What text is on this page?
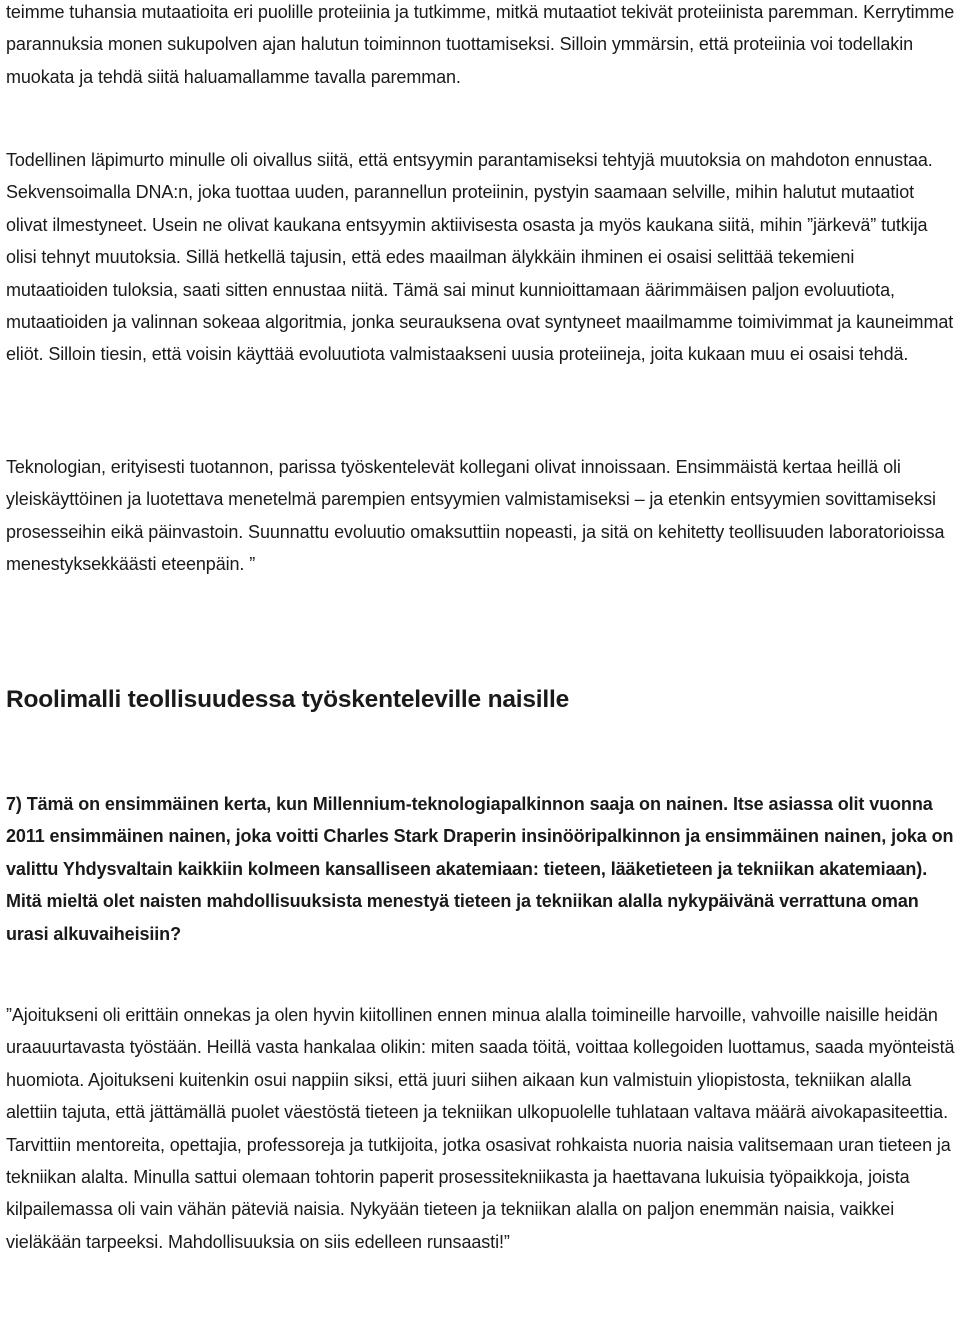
teimme tuhansia mutaatioita eri puolille proteiinia ja tutkimme, mitkä mutaatiot tekivät proteiinista paremman. Kerrytimme parannuksia monen sukupolven ajan halutun toiminnon tuottamiseksi. Silloin ymmärsin, että proteiinia voi todellakin muokata ja tehdä siitä haluamallamme tavalla paremman.

Todellinen läpimurto minulle oli oivallus siitä, että entsyymin parantamiseksi tehtyjä muutoksia on mahdoton ennustaa. Sekvensoimalla DNA:n, joka tuottaa uuden, parannellun proteiinin, pystyin saamaan selville, mihin halutut mutaatiot olivat ilmestyneet. Usein ne olivat kaukana entsyymin aktiivisesta osasta ja myös kaukana siitä, mihin ”järkevä” tutkija olisi tehnyt muutoksia. Sillä hetkellä tajusin, että edes maailman älykkäin ihminen ei osaisi selittää tekemieni mutaatioiden tuloksia, saati sitten ennustaa niitä. Tämä sai minut kunnioittamaan äärimmäisen paljon evoluutiota, mutaatioiden ja valinnan sokeaa algoritmia, jonka seurauksena ovat syntyneet maailmamme toimivimmat ja kauneimmat eliöt. Silloin tiesin, että voisin käyttää evoluutiota valmistaakseni uusia proteiineja, joita kukaan muu ei osaisi tehdä.

Teknologian, erityisesti tuotannon, parissa työskentelevät kollegani olivat innoissaan. Ensimmäistä kertaa heillä oli yleiskäyttöinen ja luotettava menetelmä parempien entsyymien valmistamiseksi – ja etenkin entsyymien sovittamiseksi prosesseihin eikä päinvastoin. Suunnattu evoluutio omaksuttiin nopeasti, ja sitä on kehitetty teollisuuden laboratorioissa menestyksekkäästi eteenpäin. ”

Roolimalli teollisuudessa työskenteleville naisille

7) Tämä on ensimmäinen kerta, kun Millennium-teknologiapalkinnon saaja on nainen. Itse asiassa olit vuonna 2011 ensimmäinen nainen, joka voitti Charles Stark Draperin insinööripalkinnon ja ensimmäinen nainen, joka on valittu Yhdysvaltain kaikkiin kolmeen kansalliseen akatemiaan: tieteen, lääketieteen ja tekniikan akatemiaan). Mitä mieltä olet naisten mahdollisuuksista menestyä tieteen ja tekniikan alalla nykypäivänä verrattuna oman urasi alkuvaiheisiin?

”Ajoitukseni oli erittäin onnekas ja olen hyvin kiitollinen ennen minua alalla toimineille harvoille, vahvoille naisille heidän uraauurtavasta työstään. Heillä vasta hankalaa olikin: miten saada töitä, voittaa kollegoiden luottamus, saada myönteistä huomiota. Ajoitukseni kuitenkin osui nappiin siksi, että juuri siihen aikaan kun valmistuin yliopistosta, tekniikan alalla alettiin tajuta, että jättämällä puolet väestöstä tieteen ja tekniikan ulkopuolelle tuhlataan valtava määrä aivokapasiteettia. Tarvittiin mentoreita, opettajia, professoreja ja tutkijoita, jotka osasivat rohkaista nuoria naisia valitsemaan uran tieteen ja tekniikan alalta. Minulla sattui olemaan tohtorin paperit prosessitekniikasta ja haettavana lukuisia työpaikkoja, joista kilpailemassa oli vain vähän päteviä naisia. Nykyään tieteen ja tekniikan alalla on paljon enemmän naisia, vaikkei vieläkään tarpeeksi. Mahdollisuuksia on siis edelleen runsaasti!”
